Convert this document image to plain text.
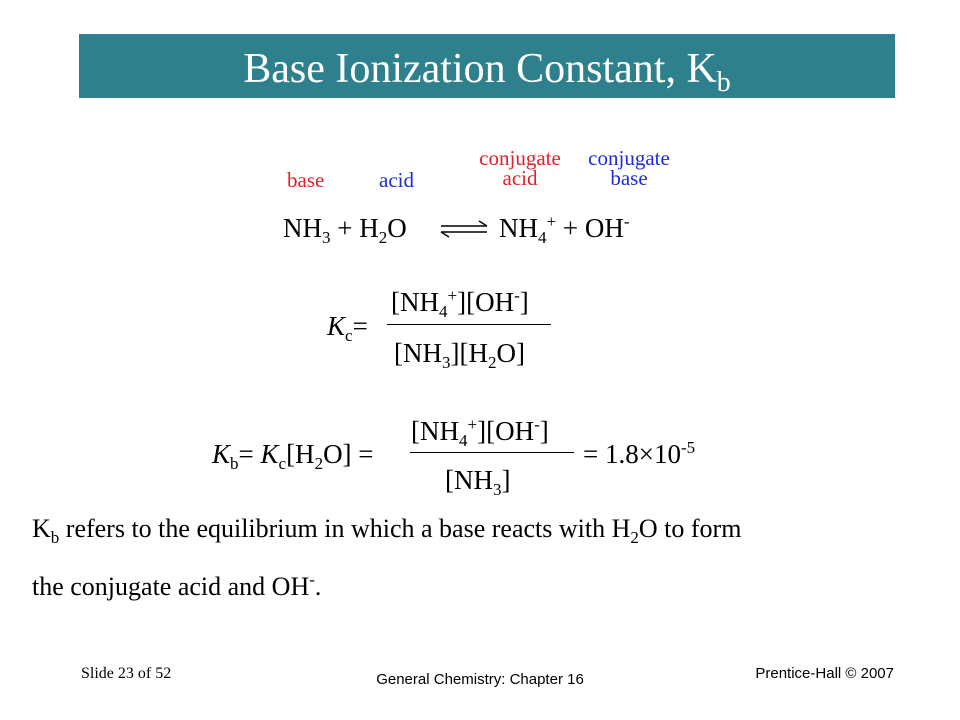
Base Ionization Constant, $K_b$
base	acid
conjugate
acid
conjugate
base
$NH_3 + H_2O$ ⇌ $NH_4^+ + OH^-$
$K_c=$
$[NH_4^+][OH^-]$
$[NH_3][H_2O]$
$K_b= K_c[H_2O]$ =
$[NH_4^+][OH^-]$
$[NH_3]$
= $1.8\times 10^{-5}$
$K_b$ refers to the equilibrium in which a base reacts with $H_2O$ to form
the conjugate acid and OH-.
Slide 23 of 52	General Chemistry: Chapter 16	Prentice-Hall © 2007
